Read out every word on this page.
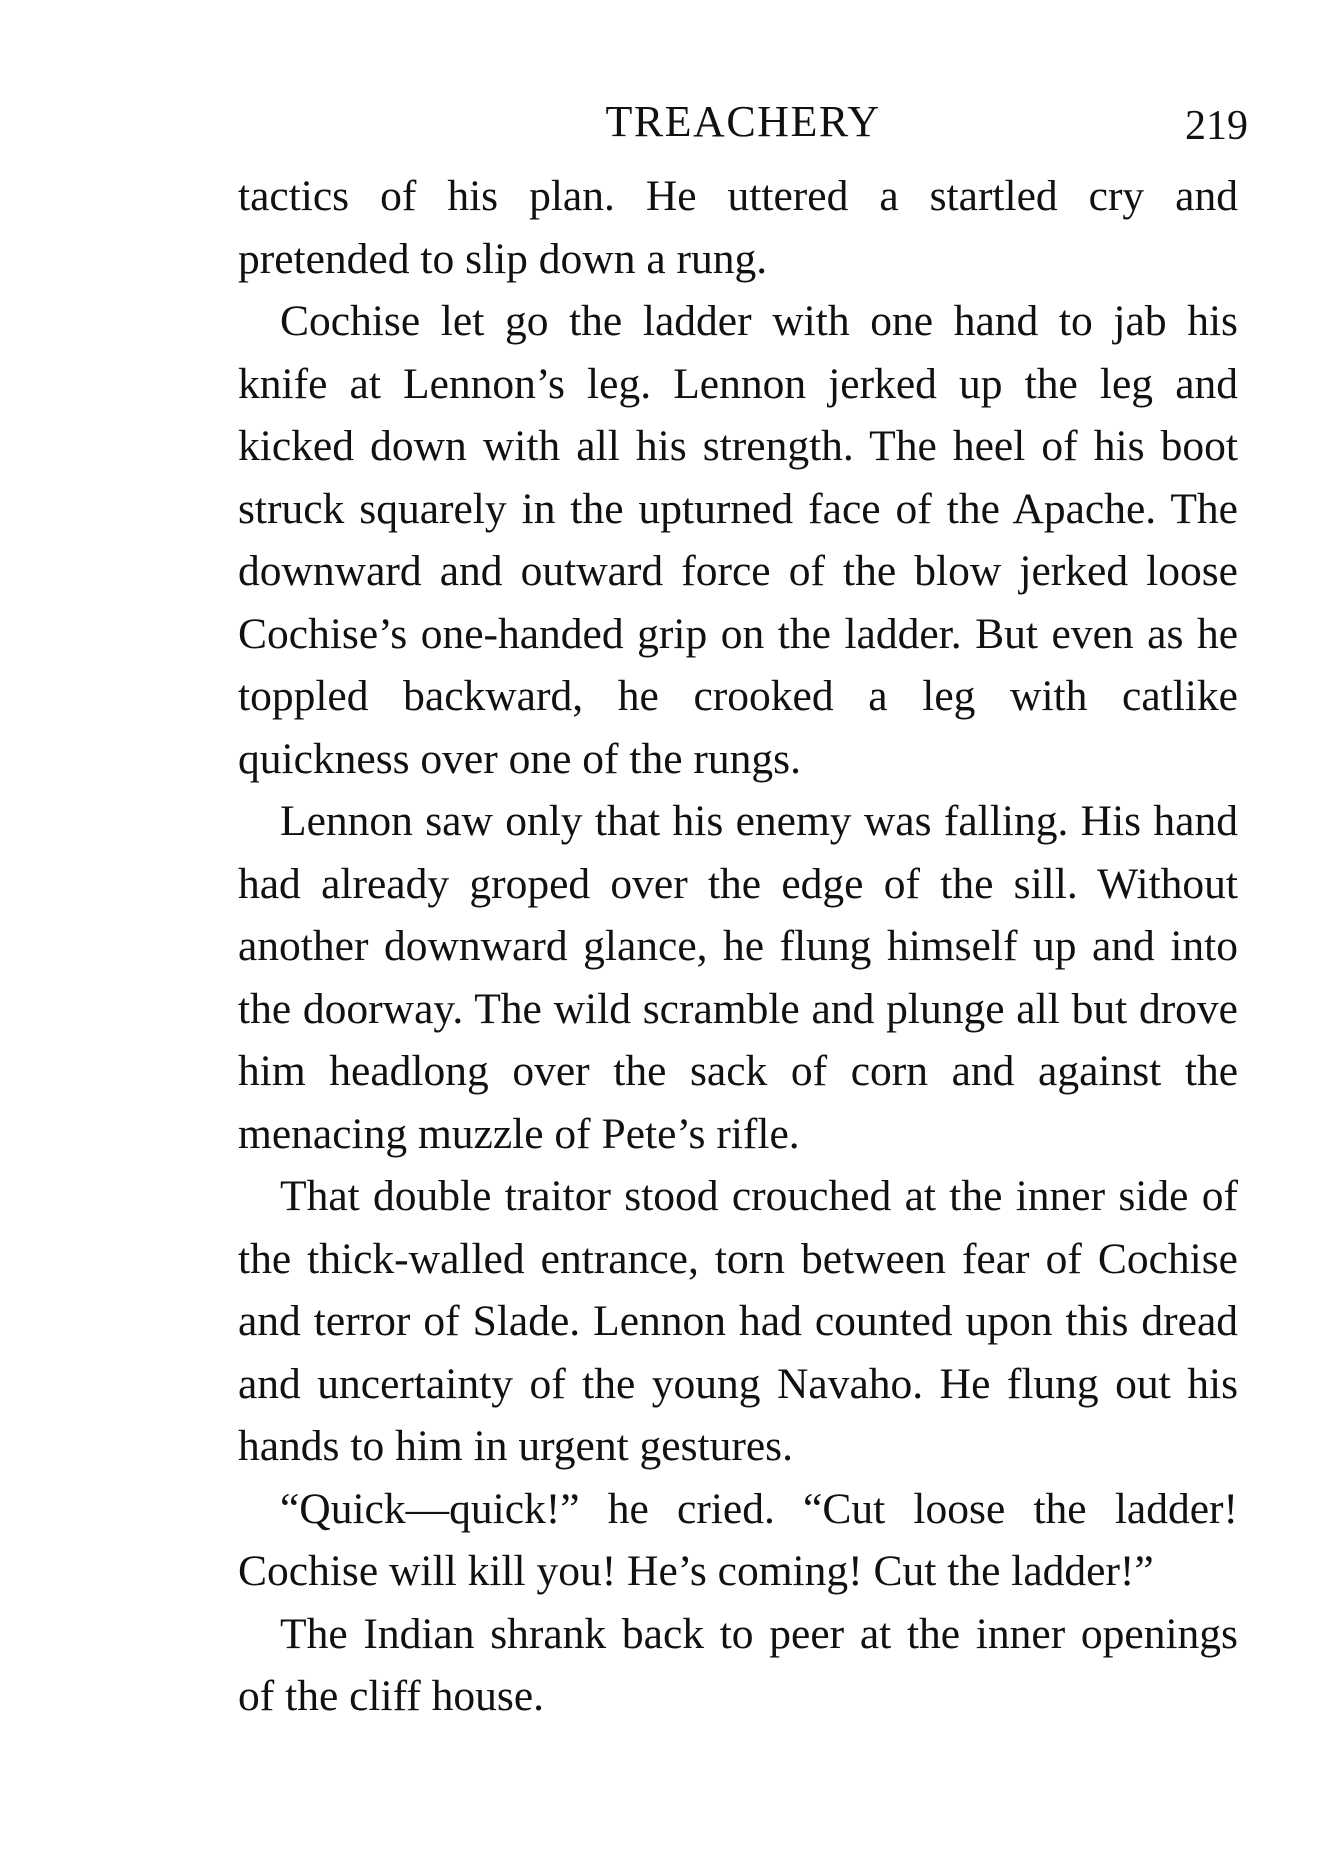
TREACHERY	219

tactics of his plan. He uttered a startled cry and pretended to slip down a rung.

Cochise let go the ladder with one hand to jab his knife at Lennon’s leg. Lennon jerked up the leg and kicked down with all his strength. The heel of his boot struck squarely in the upturned face of the Apache. The downward and outward force of the blow jerked loose Cochise’s one-handed grip on the ladder. But even as he toppled backward, he crooked a leg with catlike quickness over one of the rungs.

Lennon saw only that his enemy was falling. His hand had already groped over the edge of the sill. Without another downward glance, he flung himself up and into the doorway. The wild scramble and plunge all but drove him headlong over the sack of corn and against the menacing muzzle of Pete’s rifle.

That double traitor stood crouched at the inner side of the thick-walled entrance, torn between fear of Cochise and terror of Slade. Lennon had counted upon this dread and uncertainty of the young Navaho. He flung out his hands to him in urgent gestures.

“Quick—quick!” he cried. “Cut loose the ladder! Cochise will kill you! He’s coming! Cut the ladder!”

The Indian shrank back to peer at the inner openings of the cliff house.
